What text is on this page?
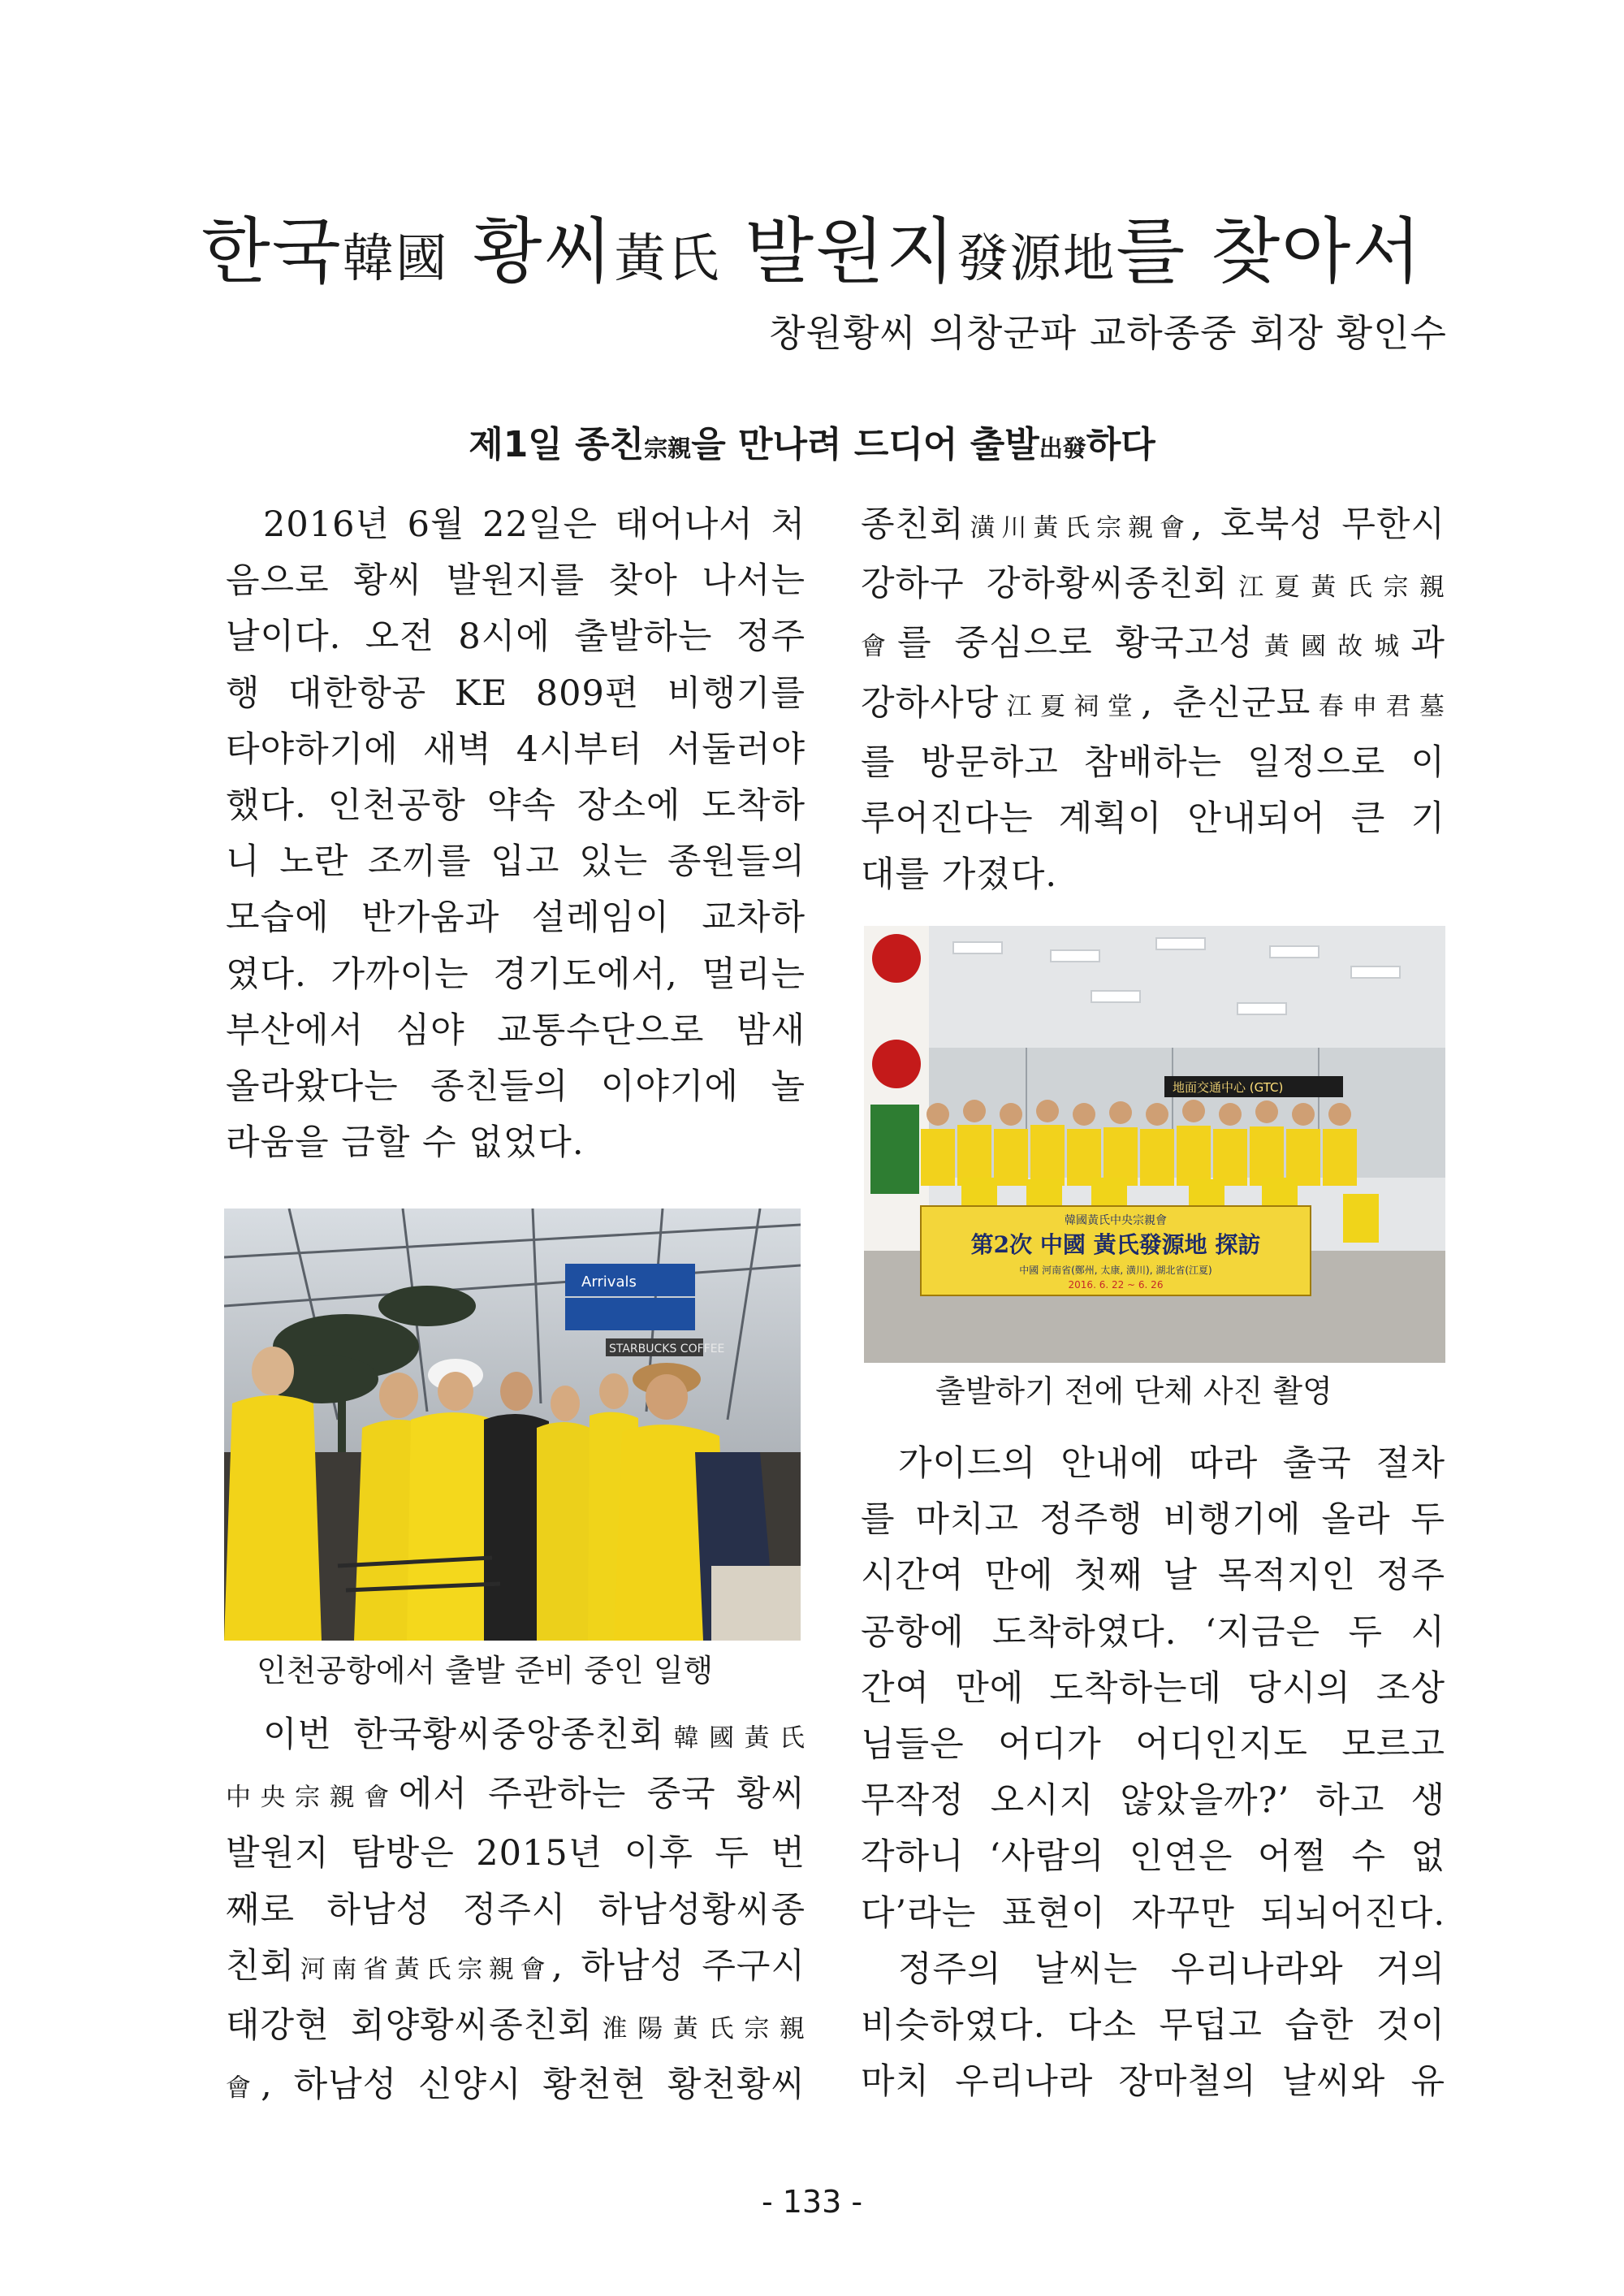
한국韓國 황씨黃氏 발원지發源地를 찾아서
창원황씨 의창군파 교하종중 회장 황인수
제1일 종친宗親을 만나려 드디어 출발出發하다

2016년 6월 22일은 태어나서 처
음으로 황씨 발원지를 찾아 나서는
날이다. 오전 8시에 출발하는 정주
행 대한항공 KE 809편 비행기를
타야하기에 새벽 4시부터 서둘러야
했다. 인천공항 약속 장소에 도착하
니 노란 조끼를 입고 있는 종원들의
모습에 반가움과 설레임이 교차하
였다. 가까이는 경기도에서, 멀리는
부산에서 심야 교통수단으로 밤새
올라왔다는 종친들의 이야기에 놀
라움을 금할 수 없었다.

Arrivals
STARBUCKS COFFEE
인천공항에서 출발 준비 중인 일행

이번 한국황씨중앙종친회韓國黃氏
中央宗親會에서 주관하는 중국 황씨
발원지 탐방은 2015년 이후 두 번
째로 하남성 정주시 하남성황씨종
친회河南省黃氏宗親會, 하남성 주구시
태강현 회양황씨종친회淮陽黃氏宗親
會, 하남성 신양시 황천현 황천황씨

종친회潢川黃氏宗親會, 호북성 무한시
강하구 강하황씨종친회江夏黃氏宗親
會를 중심으로 황국고성黃國故城과
강하사당江夏祠堂, 춘신군묘春申君墓
를 방문하고 참배하는 일정으로 이
루어진다는 계획이 안내되어 큰 기
대를 가졌다.

地面交通中心 (GTC)
韓國黃氏中央宗親會
第2次 中國 黃氏發源地 探訪
中國 河南省(鄭州, 太康, 潢川), 湖北省(江夏)
2016. 6. 22 ~ 6. 26
출발하기 전에 단체 사진 촬영

가이드의 안내에 따라 출국 절차
를 마치고 정주행 비행기에 올라 두
시간여 만에 첫째 날 목적지인 정주
공항에 도착하였다. ‘지금은 두 시
간여 만에 도착하는데 당시의 조상
님들은 어디가 어디인지도 모르고
무작정 오시지 않았을까?’ 하고 생
각하니 ‘사람의 인연은 어쩔 수 없
다’라는 표현이 자꾸만 되뇌어진다.

정주의 날씨는 우리나라와 거의
비슷하였다. 다소 무덥고 습한 것이
마치 우리나라 장마철의 날씨와 유

- 133 -
